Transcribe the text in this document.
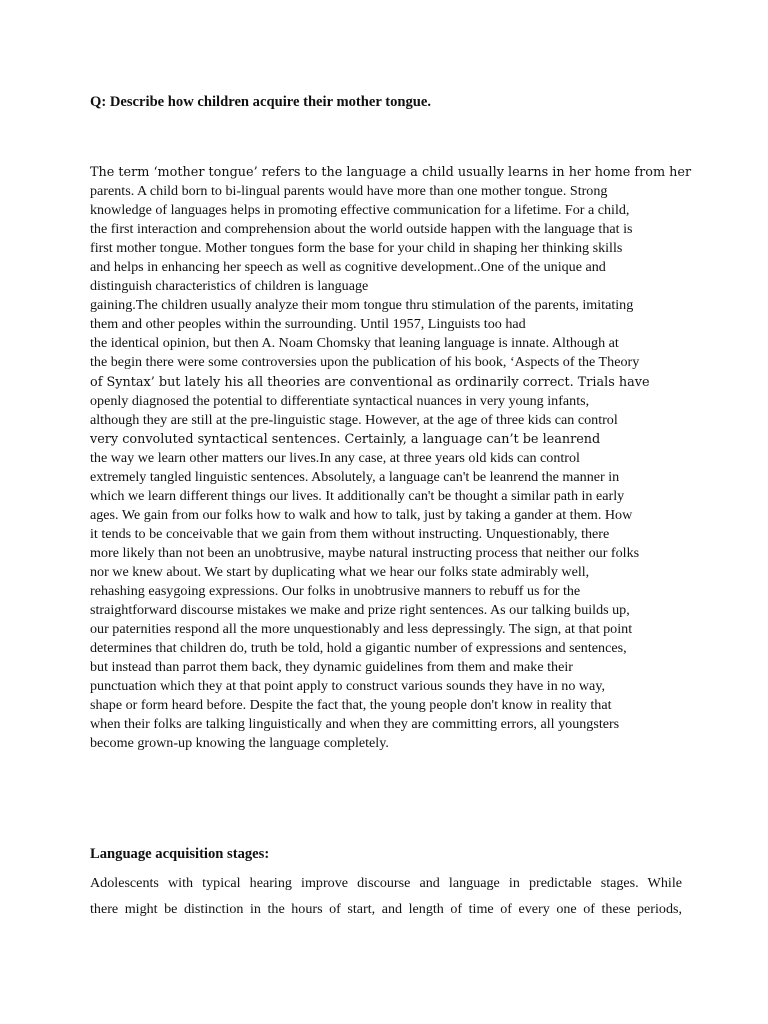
Q: Describe how children acquire their mother tongue.
The term ‘mother tongue’ refers to the language a child usually learns in her home from her
parents. A child born to bi-lingual parents would have more than one mother tongue. Strong
knowledge of languages helps in promoting effective communication for a lifetime. For a child,
the first interaction and comprehension about the world outside happen with the language that is
first mother tongue. Mother tongues form the base for your child in shaping her thinking skills
and helps in enhancing her speech as well as cognitive development..One of the unique and
distinguish characteristics of children is language
gaining.The children usually analyze their mom tongue thru stimulation of the parents, imitating
them and other peoples within the surrounding. Until 1957, Linguists too had
the identical opinion, but then A. Noam Chomsky that leaning language is innate. Although at
the begin there were some controversies upon the publication of his book, ‘Aspects of the Theory
of Syntax’ but lately his all theories are conventional as ordinarily correct. Trials have
openly diagnosed the potential to differentiate syntactical nuances in very young infants,
although they are still at the pre-linguistic stage. However, at the age of three kids can control
very convoluted syntactical sentences. Certainly, a language can’t be leanrend
the way we learn other matters our lives.In any case, at three years old kids can control
extremely tangled linguistic sentences. Absolutely, a language can't be leanrend the manner in
which we learn different things our lives. It additionally can't be thought a similar path in early
ages. We gain from our folks how to walk and how to talk, just by taking a gander at them. How
it tends to be conceivable that we gain from them without instructing. Unquestionably, there
more likely than not been an unobtrusive, maybe natural instructing process that neither our folks
nor we knew about. We start by duplicating what we hear our folks state admirably well,
rehashing easygoing expressions. Our folks in unobtrusive manners to rebuff us for the
straightforward discourse mistakes we make and prize right sentences. As our talking builds up,
our paternities respond all the more unquestionably and less depressingly. The sign, at that point
determines that children do, truth be told, hold a gigantic number of expressions and sentences,
but instead than parrot them back, they dynamic guidelines from them and make their
punctuation which they at that point apply to construct various sounds they have in no way,
shape or form heard before. Despite the fact that, the young people don't know in reality that
when their folks are talking linguistically and when they are committing errors, all youngsters
become grown-up knowing the language completely.
Language acquisition stages:
Adolescents with typical hearing improve discourse and language in predictable stages. While
there might be distinction in the hours of start, and length of time of every one of these periods,
